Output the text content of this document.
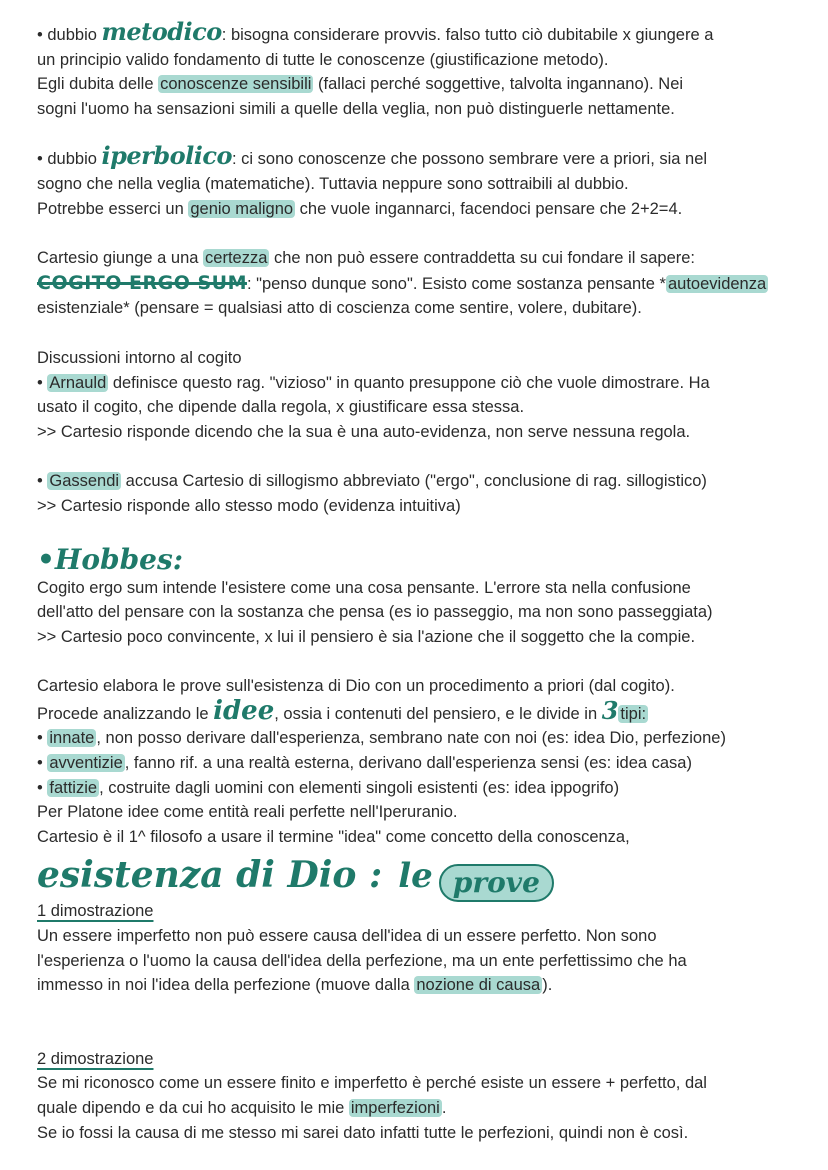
• dubbio metodico: bisogna considerare provvis. falso tutto ciò dubitabile x giungere a

un principio valido fondamento di tutte le conoscenze (giustificazione metodo).

Egli dubita delle conoscenze sensibili (fallaci perché soggettive, talvolta ingannano). Nei

sogni l'uomo ha sensazioni simili a quelle della veglia, non può distinguerle nettamente.

• dubbio iperbolico: ci sono conoscenze che possono sembrare vere a priori, sia nel

sogno che nella veglia (matematiche). Tuttavia neppure sono sottraibili al dubbio.

Potrebbe esserci un genio maligno che vuole ingannarci, facendoci pensare che 2+2=4.

Cartesio giunge a una certezza che non può essere contraddetta su cui fondare il sapere:

COGITO ERGO SUM: "penso dunque sono". Esisto come sostanza pensante * autoevidenza

esistenziale* (pensare = qualsiasi atto di coscienza come sentire, volere, dubitare).

Discussioni intorno al cogito

• Arnauld definisce questo rag. "vizioso" in quanto presuppone ciò che vuole dimostrare. Ha

usato il cogito, che dipende dalla regola, x giustificare essa stessa.

>> Cartesio risponde dicendo che la sua è una auto-evidenza, non serve nessuna regola.

• Gassendi accusa Cartesio di sillogismo abbreviato ("ergo", conclusione di rag. sillogistico)

>> Cartesio risponde allo stesso modo (evidenza intuitiva)

•Hobbes:

Cogito ergo sum intende l'esistere come una cosa pensante. L'errore sta nella confusione

dell'atto del pensare con la sostanza che pensa (es io passeggio, ma non sono passeggiata)

>> Cartesio poco convincente, x lui il pensiero è sia l'azione che il soggetto che la compie.

Cartesio elabora le prove sull'esistenza di Dio con un procedimento a priori (dal cogito).

Procede analizzando le idee, ossia i contenuti del pensiero, e le divide in 3 tipi:

• innate , non posso derivare dall'esperienza, sembrano nate con noi (es: idea Dio, perfezione)

• avventizie , fanno rif. a una realtà esterna, derivano dall'esperienza sensi (es: idea casa)

• fattizie , costruite dagli uomini con elementi singoli esistenti (es: idea ippogrifo)

Per Platone idee come entità reali perfette nell'Iperuranio.

Cartesio è il 1^ filosofo a usare il termine "idea" come concetto della conoscenza,

esistenza di Dio : le prove

1 dimostrazione

Un essere imperfetto non può essere causa dell'idea di un essere perfetto. Non sono

l'esperienza o l'uomo la causa dell'idea della perfezione, ma un ente perfettissimo che ha

immesso in noi l'idea della perfezione (muove dalla nozione di causa ).

2 dimostrazione

Se mi riconosco come un essere finito e imperfetto è perché esiste un essere + perfetto, dal

quale dipendo e da cui ho acquisito le mie imperfezioni .

Se io fossi la causa di me stesso mi sarei dato infatti tutte le perfezioni, quindi non è così.
